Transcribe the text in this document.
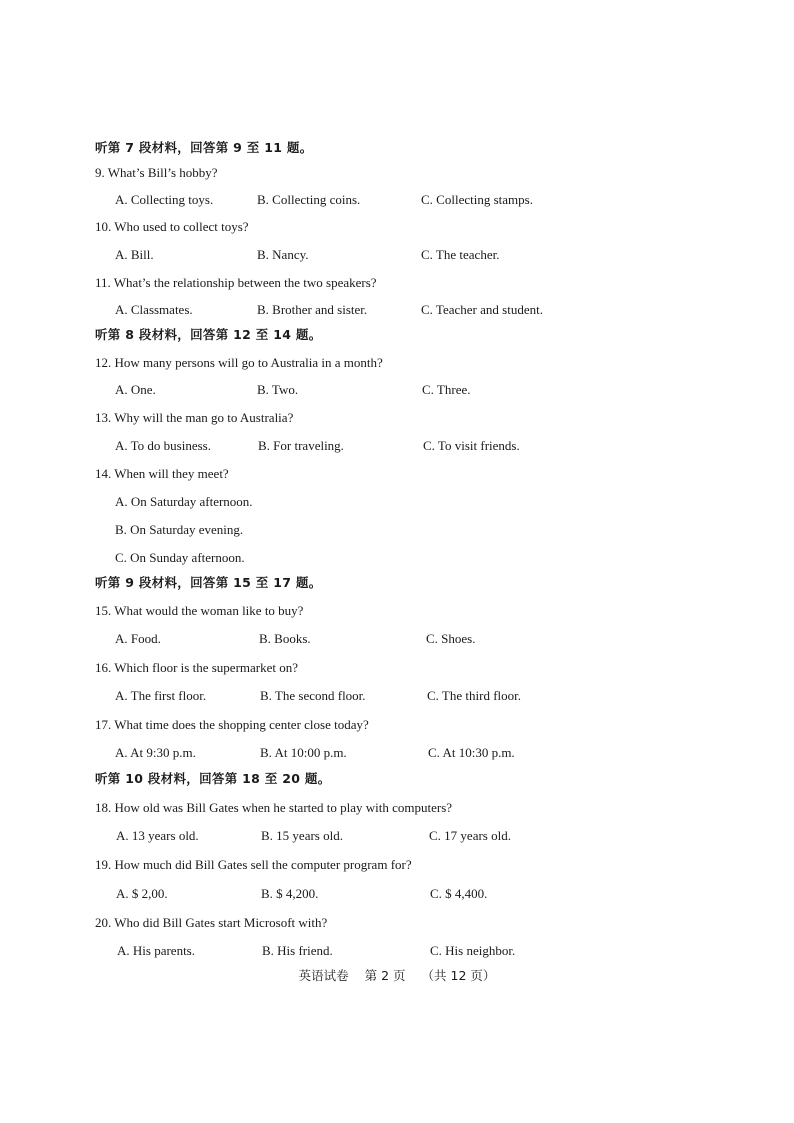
听第 7 段材料，回答第 9 至 11 题。
9. What’s Bill’s hobby?
A. Collecting toys.	B. Collecting coins.	C. Collecting stamps.
10. Who used to collect toys?
A. Bill.	B. Nancy.	C. The teacher.
11. What’s the relationship between the two speakers?
A. Classmates.	B. Brother and sister.	C. Teacher and student.
听第 8 段材料，回答第 12 至 14 题。
12. How many persons will go to Australia in a month?
A. One.	B. Two.	C. Three.
13. Why will the man go to Australia?
A. To do business.	B. For traveling.	C. To visit friends.
14. When will they meet?
A. On Saturday afternoon.
B. On Saturday evening.
C. On Sunday afternoon.
听第 9 段材料，回答第 15 至 17 题。
15. What would the woman like to buy?
A. Food.	B. Books.	C. Shoes.
16. Which floor is the supermarket on?
A. The first floor.	B. The second floor.	C. The third floor.
17. What time does the shopping center close today?
A. At 9:30 p.m.	B. At 10:00 p.m.	C. At 10:30 p.m.
听第 10 段材料，回答第 18 至 20 题。
18. How old was Bill Gates when he started to play with computers?
A. 13 years old.	B. 15 years old.	C. 17 years old.
19. How much did Bill Gates sell the computer program for?
A. $ 2,00.	B. $ 4,200.	C. $ 4,400.
20. Who did Bill Gates start Microsoft with?
A. His parents.	B. His friend.	C. His neighbor.
英语试卷 第 2 页 （共 12 页）
